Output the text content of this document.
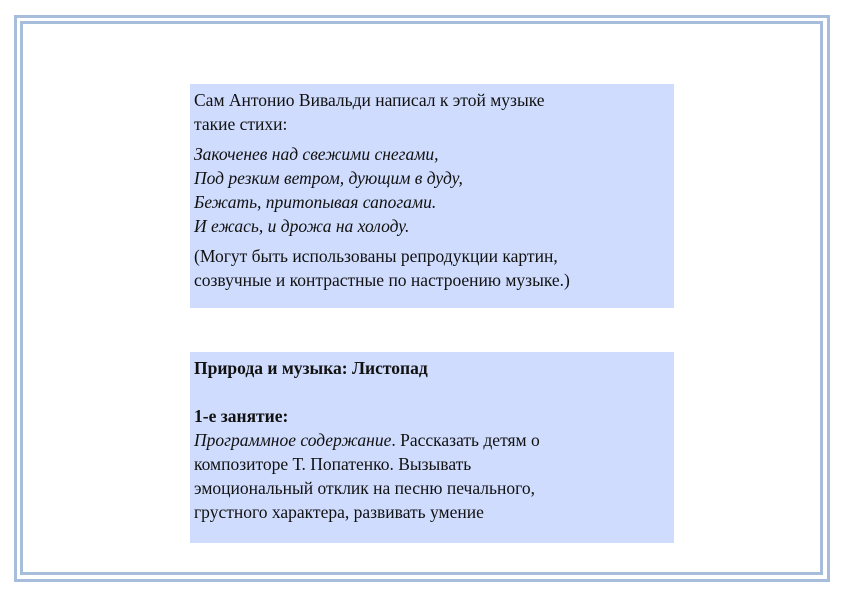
Сам Антонио Вивальди написал к этой музыке
такие стихи:
Закоченев над свежими снегами,
Под резким ветром, дующим в дуду,
Бежать, притопывая сапогами.
И ежась, и дрожа на холоду.
(Могут быть использованы репродукции картин,
созвучные и контрастные по настроению музыке.)
Природа и музыка: Листопад
1-е занятие:
Программное содержание. Рассказать детям о
композиторе Т. Попатенко. Вызывать
эмоциональный отклик на песню печального,
грустного характера, развивать умение
